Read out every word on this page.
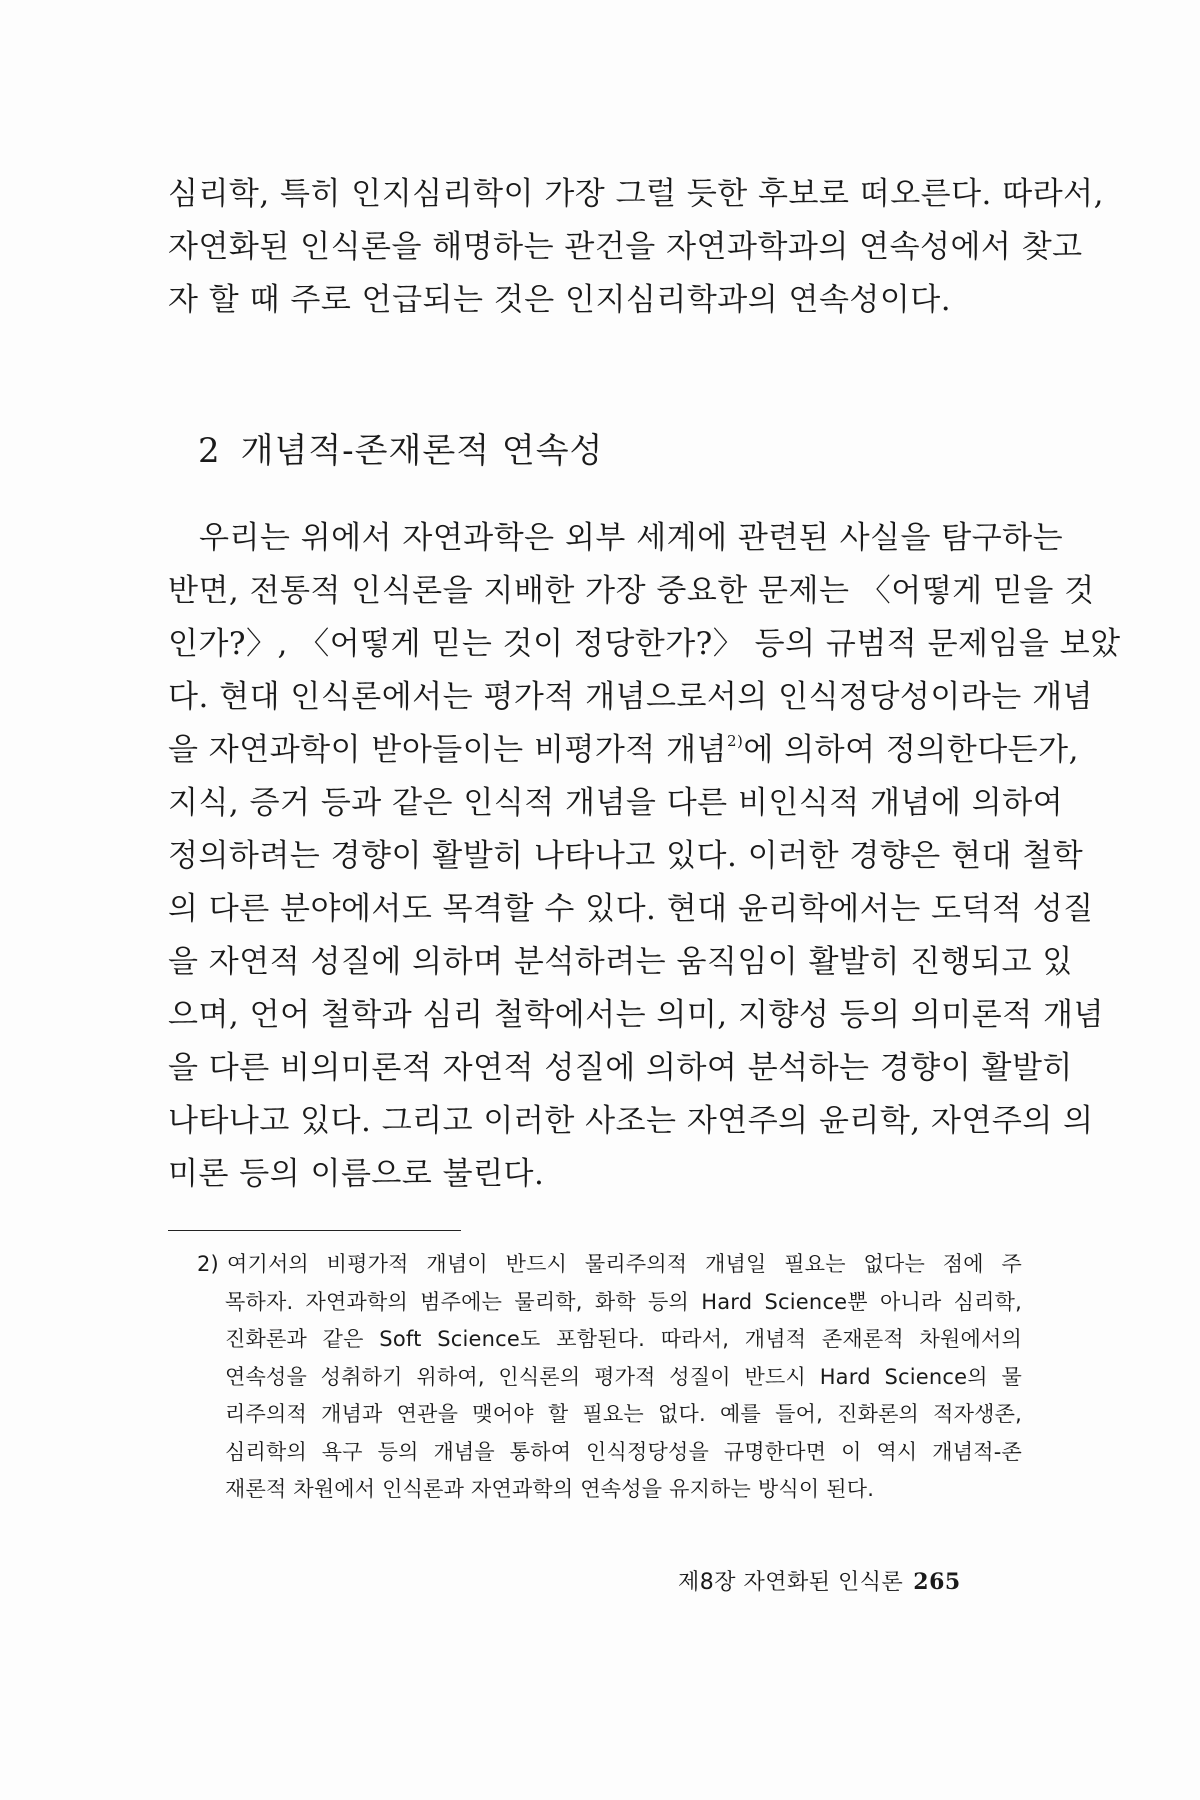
심리학, 특히 인지심리학이 가장 그럴 듯한 후보로 떠오른다. 따라서,
자연화된 인식론을 해명하는 관건을 자연과학과의 연속성에서 찾고
자 할 때 주로 언급되는 것은 인지심리학과의 연속성이다.
2 개념적-존재론적 연속성
우리는 위에서 자연과학은 외부 세계에 관련된 사실을 탐구하는
반면, 전통적 인식론을 지배한 가장 중요한 문제는 〈어떻게 믿을 것
인가?〉, 〈어떻게 믿는 것이 정당한가?〉 등의 규범적 문제임을 보았
다. 현대 인식론에서는 평가적 개념으로서의 인식정당성이라는 개념
을 자연과학이 받아들이는 비평가적 개념$^{2)}$에 의하여 정의한다든가,
지식, 증거 등과 같은 인식적 개념을 다른 비인식적 개념에 의하여
정의하려는 경향이 활발히 나타나고 있다. 이러한 경향은 현대 철학
의 다른 분야에서도 목격할 수 있다. 현대 윤리학에서는 도덕적 성질
을 자연적 성질에 의하며 분석하려는 움직임이 활발히 진행되고 있
으며, 언어 철학과 심리 철학에서는 의미, 지향성 등의 의미론적 개념
을 다른 비의미론적 자연적 성질에 의하여 분석하는 경향이 활발히
나타나고 있다. 그리고 이러한 사조는 자연주의 윤리학, 자연주의 의
미론 등의 이름으로 불린다.
2) 여기서의 비평가적 개념이 반드시 물리주의적 개념일 필요는 없다는 점에 주
목하자. 자연과학의 범주에는 물리학, 화학 등의 Hard Science뿐 아니라 심리학,
진화론과 같은 Soft Science도 포함된다. 따라서, 개념적 존재론적 차원에서의
연속성을 성취하기 위하여, 인식론의 평가적 성질이 반드시 Hard Science의 물
리주의적 개념과 연관을 맺어야 할 필요는 없다. 예를 들어, 진화론의 적자생존,
심리학의 욕구 등의 개념을 통하여 인식정당성을 규명한다면 이 역시 개념적-존
재론적 차원에서 인식론과 자연과학의 연속성을 유지하는 방식이 된다.
제8장 자연화된 인식론 265
